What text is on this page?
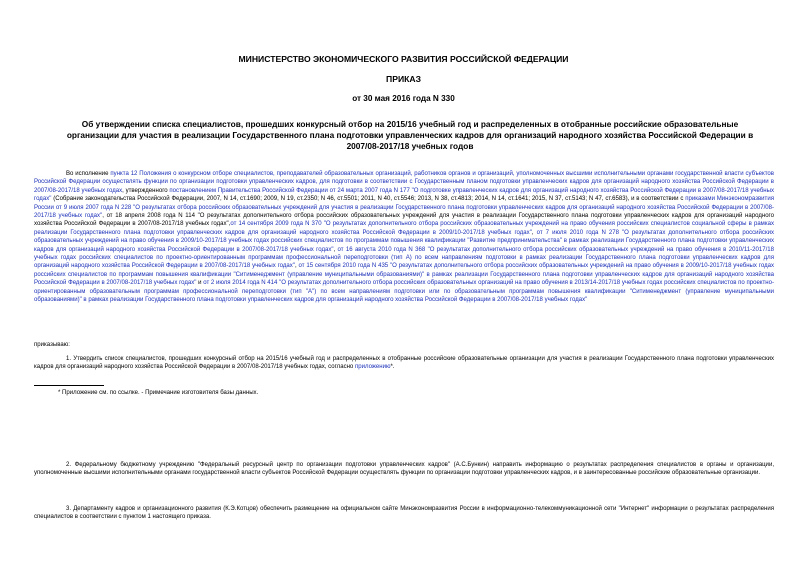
МИНИСТЕРСТВО ЭКОНОМИЧЕСКОГО РАЗВИТИЯ РОССИЙСКОЙ ФЕДЕРАЦИИ
ПРИКАЗ
от 30 мая 2016 года N 330
Об утверждении списка специалистов, прошедших конкурсный отбор на 2015/16 учебный год и распределенных в отобранные российские образовательные организации для участия в реализации Государственного плана подготовки управленческих кадров для организаций народного хозяйства Российской Федерации в 2007/08-2017/18 учебных годов
Во исполнение пункта 12 Положения о конкурсном отборе специалистов, преподавателей образовательных организаций, работников органов и организаций, уполномоченных высшими исполнительными органами государственной власти субъектов Российской Федерации осуществлять функции по организации подготовки управленческих кадров, для подготовки в соответствии с Государственным планом подготовки управленческих кадров для организаций народного хозяйства Российской Федерации в 2007/08-2017/18 учебных годах, утвержденного постановлением Правительства Российской Федерации от 24 марта 2007 года N 177 "О подготовке управленческих кадров для организаций народного хозяйства Российской Федерации в 2007/08-2017/18 учебных годах" (Собрание законодательства Российской Федерации, 2007, N 14, ст.1690; 2009, N 19, ст.2350; N 46, ст.5501; 2011, N 40, ст.5546; 2013, N 38, ст.4813; 2014, N 14, ст.1641; 2015, N 37, ст.5143; N 47, ст.6583), и в соответствии с приказами Минэкономразвития России от 9 июля 2007 года N 228 "О результатах отбора российских образовательных учреждений для участия в реализации Государственного плана подготовки управленческих кадров для организаций народного хозяйства Российской Федерации в 2007/08-2017/18 учебных годах", от 18 апреля 2008 года N 114 "О результатах дополнительного отбора российских образовательных учреждений для участия в реализации Государственного плана подготовки управленческих кадров для организаций народного хозяйства Российской Федерации в 2007/08-2017/18 учебных годах",от 14 сентября 2009 года N 370 "О результатах дополнительного отбора российских образовательных учреждений на право обучения российских специалистов социальной сферы в рамках реализации Государственного плана подготовки управленческих кадров для организаций народного хозяйства Российской Федерации в 2009/10-2017/18 учебных годах", от 7 июля 2010 года N 278 "О результатах дополнительного отбора российских образовательных учреждений на право обучения в 2009/10-2017/18 учебных годах российских специалистов по программам повышения квалификации "Развитие предпринимательства" в рамках реализации Государственного плана подготовки управленческих кадров для организаций народного хозяйства Российской Федерации в 2007/08-2017/18 учебных годах", от 16 августа 2010 года N 368 "О результатах дополнительного отбора российских образовательных учреждений на право обучения в 2010/11-2017/18 учебных годах российских специалистов по проектно-ориентированным программам профессиональной переподготовки (тип А) по всем направлениям подготовки в рамках реализации Государственного плана подготовки управленческих кадров для организаций народного хозяйства Российской Федерации в 2007/08-2017/18 учебных годах", от 15 сентября 2010 года N 435 "О результатах дополнительного отбора российских образовательных учреждений на право обучения в 2009/10-2017/18 учебных годах российских специалистов по программам повышения квалификации "Ситименеджмент (управление муниципальными образованиями)" в рамках реализации Государственного плана подготовки управленческих кадров для организаций народного хозяйства Российской Федерации в 2007/08-2017/18 учебных годах" и от 2 июля 2014 года N 414 "О результатах дополнительного отбора российских образовательных организаций на право обучения в 2013/14-2017/18 учебных годах российских специалистов по проектно-ориентированным образовательным программам профессиональной переподготовки (тип "А") по всем направлениям подготовки или по образовательным программам повышения квалификации "Ситименеджмент (управление муниципальными образованиями)" в рамках реализации Государственного плана подготовки управленческих кадров для организаций народного хозяйства Российской Федерации в 2007/08-2017/18 учебных годах"
приказываю:
1. Утвердить список специалистов, прошедших конкурсный отбор на 2015/16 учебный год и распределенных в отобранные российские образовательные организации для участия в реализации Государственного плана подготовки управленческих кадров для организаций народного хозяйства Российской Федерации в 2007/08-2017/18 учебных годах, согласно приложению*.
* Приложение см. по ссылке. - Примечание изготовителя базы данных.
2. Федеральному бюджетному учреждению "Федеральный ресурсный центр по организации подготовки управленческих кадров" (А.С.Бункин) направить информацию о результатах распределения специалистов в органы и организации, уполномоченные высшими исполнительными органами государственной власти субъектов Российской Федерации осуществлять функции по организации подготовки управленческих кадров, и в заинтересованные российские образовательные организации.
3. Департаменту кадров и организационного развития (К.Э.Котцов) обеспечить размещение на официальном сайте Минэкономразвития России в информационно-телекоммуникационной сети "Интернет" информации о результатах распределения специалистов в соответствии с пунктом 1 настоящего приказа.
